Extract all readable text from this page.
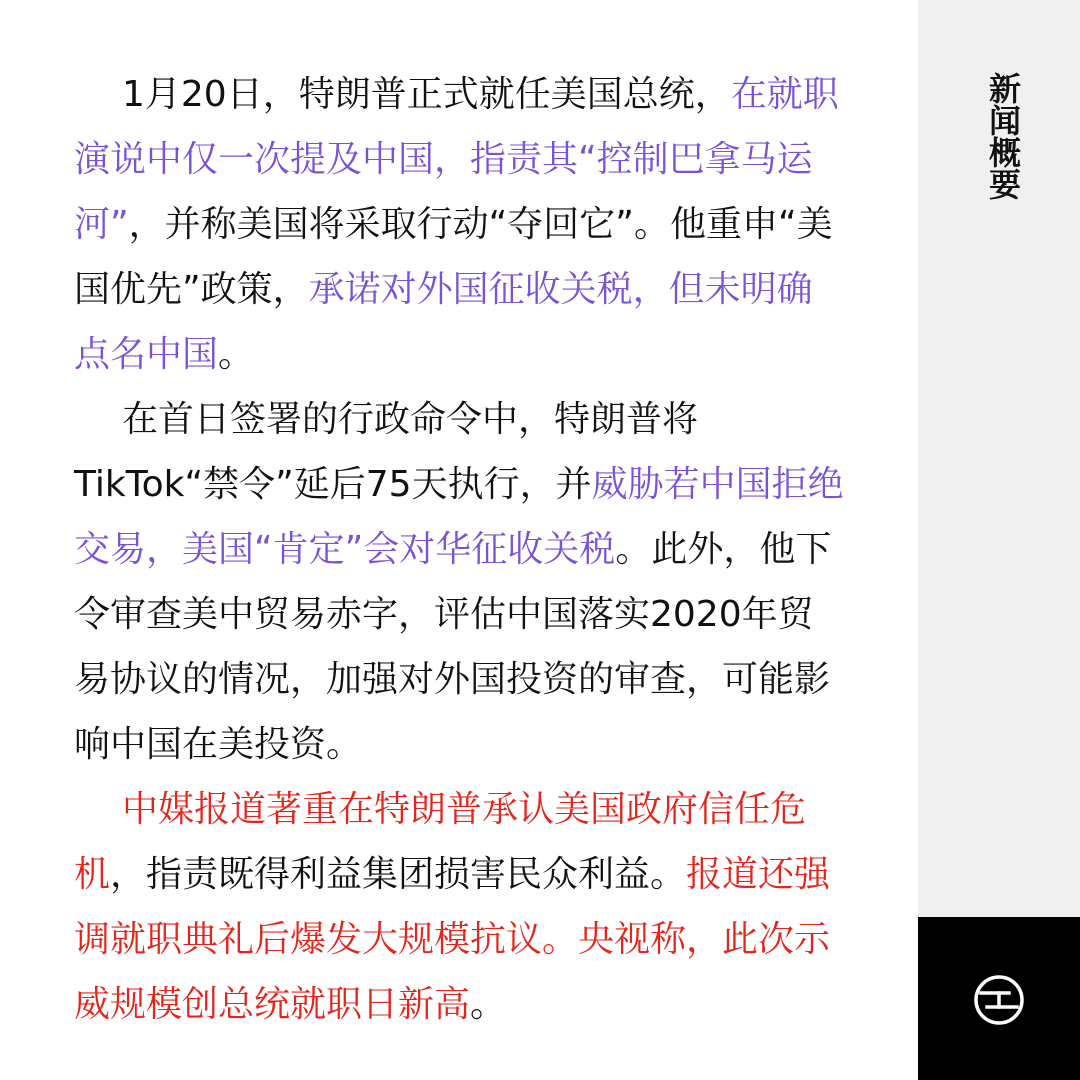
1月20日，特朗普正式就任美国总统，在就职演说中仅一次提及中国，指责其“控制巴拿马运河”，并称美国将采取行动“夺回它”。他重申“美国优先”政策，承诺对外国征收关税，但未明确点名中国。

在首日签署的行政命令中，特朗普将TikTok“禁令”延后75天执行，并威胁若中国拒绝交易，美国“肯定”会对华征收关税。此外，他下令审查美中贸易赤字，评估中国落实2020年贸易协议的情况，加强对外国投资的审查，可能影响中国在美投资。

中媒报道著重在特朗普承认美国政府信任危机，指责既得利益集团损害民众利益。报道还强调就职典礼后爆发大规模抗议。央视称，此次示威规模创总统就职日新高。

新闻概要
